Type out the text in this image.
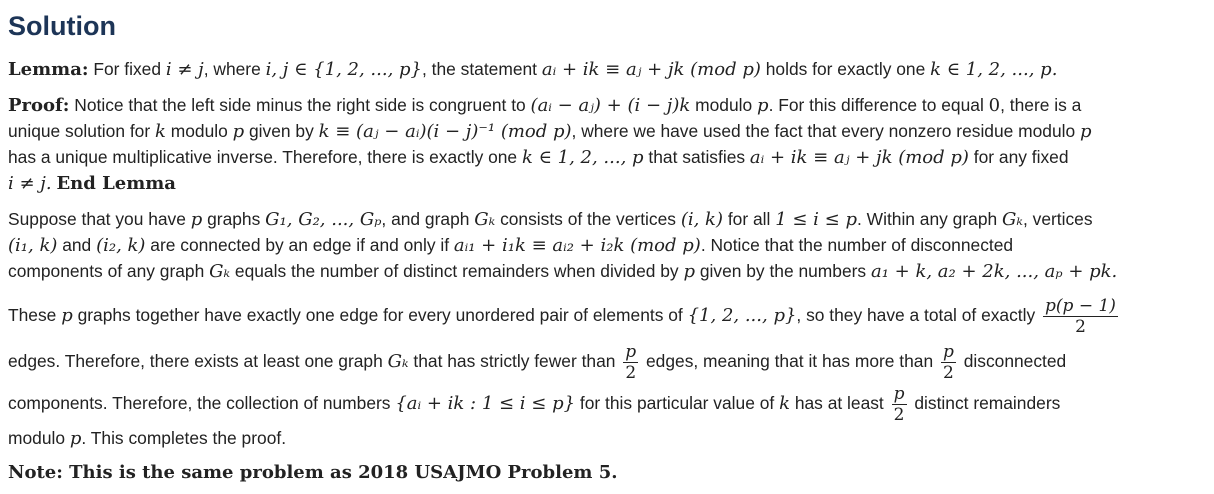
Solution
Lemma: For fixed i ≠ j, where i, j ∈ {1, 2, ..., p}, the statement aᵢ + ik ≡ aⱼ + jk (mod p) holds for exactly one k ∈ 1, 2, ..., p.
Proof: Notice that the left side minus the right side is congruent to (aᵢ − aⱼ) + (i − j)k modulo p. For this difference to equal 0, there is a
unique solution for k modulo p given by k ≡ (aⱼ − aᵢ)(i − j)⁻¹ (mod p), where we have used the fact that every nonzero residue modulo p
has a unique multiplicative inverse. Therefore, there is exactly one k ∈ 1, 2, ..., p that satisfies aᵢ + ik ≡ aⱼ + jk (mod p) for any fixed
i ≠ j. End Lemma
Suppose that you have p graphs G₁, G₂, ..., Gₚ, and graph Gₖ consists of the vertices (i, k) for all 1 ≤ i ≤ p. Within any graph Gₖ, vertices
(i₁, k) and (i₂, k) are connected by an edge if and only if aᵢ₁ + i₁k ≡ aᵢ₂ + i₂k (mod p). Notice that the number of disconnected
components of any graph Gₖ equals the number of distinct remainders when divided by p given by the numbers a₁ + k, a₂ + 2k, ..., aₚ + pk.
These p graphs together have exactly one edge for every unordered pair of elements of {1, 2, ..., p}, so they have a total of exactly $\frac{p(p - 1)}{2}$
edges. Therefore, there exists at least one graph Gₖ that has strictly fewer than $\frac{p}{2}$ edges, meaning that it has more than $\frac{p}{2}$ disconnected
components. Therefore, the collection of numbers {aᵢ + ik : 1 ≤ i ≤ p} for this particular value of k has at least $\frac{p}{2}$ distinct remainders
modulo p. This completes the proof.
Note: This is the same problem as 2018 USAJMO Problem 5.
